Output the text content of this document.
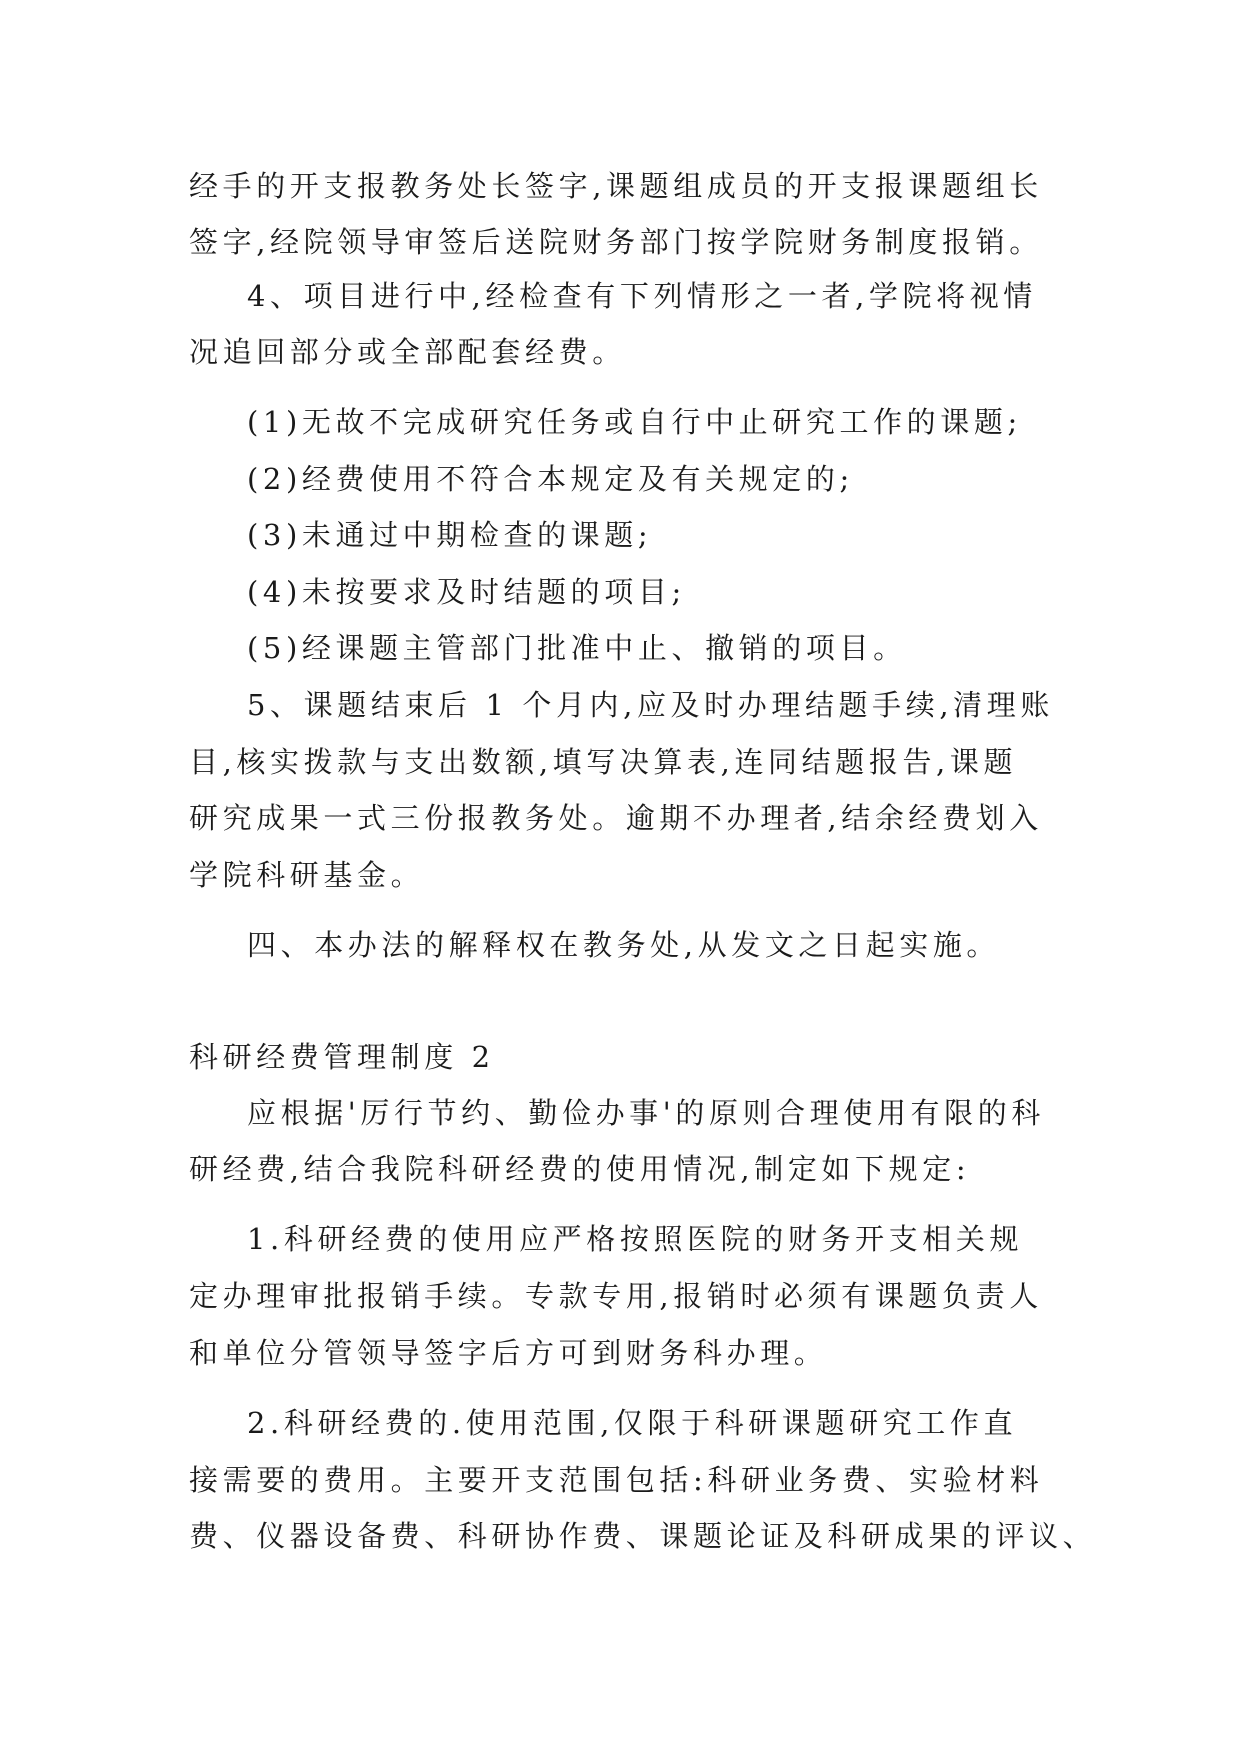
经手的开支报教务处长签字,课题组成员的开支报课题组长
签字,经院领导审签后送院财务部门按学院财务制度报销。
4、项目进行中,经检查有下列情形之一者,学院将视情
况追回部分或全部配套经费。
(1)无故不完成研究任务或自行中止研究工作的课题;
(2)经费使用不符合本规定及有关规定的;
(3)未通过中期检查的课题;
(4)未按要求及时结题的项目;
(5)经课题主管部门批准中止、撤销的项目。
5、课题结束后 1 个月内,应及时办理结题手续,清理账
目,核实拨款与支出数额,填写决算表,连同结题报告,课题
研究成果一式三份报教务处。逾期不办理者,结余经费划入
学院科研基金。
四、本办法的解释权在教务处,从发文之日起实施。
科研经费管理制度 2
应根据'厉行节约、勤俭办事'的原则合理使用有限的科
研经费,结合我院科研经费的使用情况,制定如下规定:
1.科研经费的使用应严格按照医院的财务开支相关规
定办理审批报销手续。专款专用,报销时必须有课题负责人
和单位分管领导签字后方可到财务科办理。
2.科研经费的.使用范围,仅限于科研课题研究工作直
接需要的费用。主要开支范围包括:科研业务费、实验材料
费、仪器设备费、科研协作费、课题论证及科研成果的评议、
